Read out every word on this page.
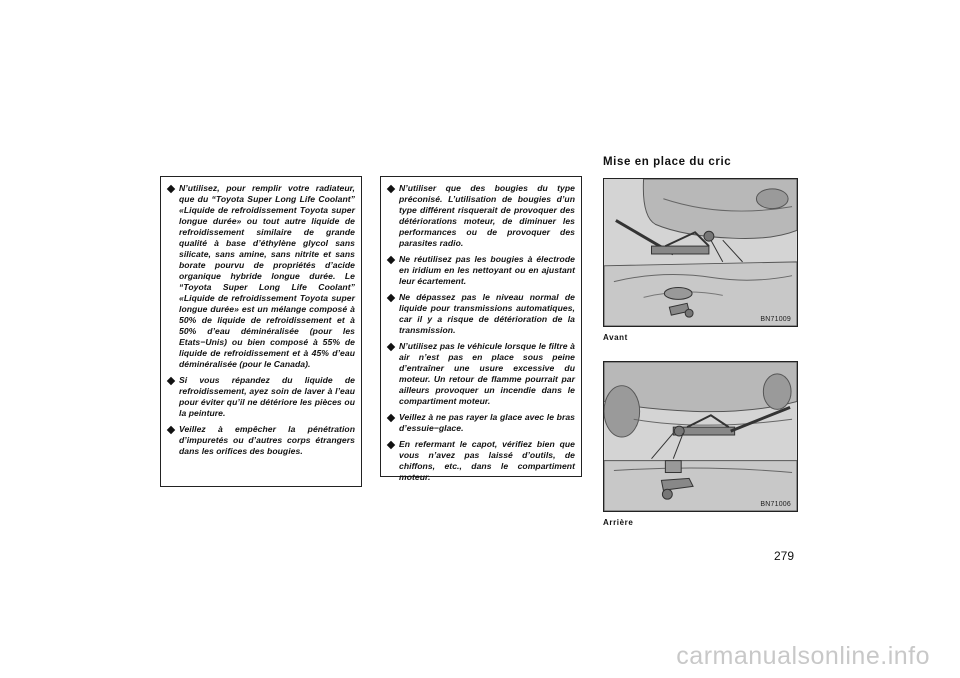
N’utilisez, pour remplir votre radiateur, que du “Toyota Super Long Life Coolant” «Liquide de refroidissement Toyota super longue durée» ou tout autre liquide de refroidissement similaire de grande qualité à base d’éthylène glycol sans silicate, sans amine, sans nitrite et sans borate pourvu de propriétés d’acide organique hybride longue durée. Le “Toyota Super Long Life Coolant” «Liquide de refroidissement Toyota super longue durée» est un mélange composé à 50% de liquide de refroidissement et à 50% d’eau déminéralisée (pour les Etats−Unis) ou bien composé à 55% de liquide de refroidissement et à 45% d’eau déminéralisée (pour le Canada).
Si vous répandez du liquide de refroidissement, ayez soin de laver à l’eau pour éviter qu’il ne détériore les pièces ou la peinture.
Veillez à empêcher la pénétration d’impuretés ou d’autres corps étrangers dans les orifices des bougies.
N’utiliser que des bougies du type préconisé. L’utilisation de bougies d’un type différent risquerait de provoquer des détériorations moteur, de diminuer les performances ou de provoquer des parasites radio.
Ne réutilisez pas les bougies à électrode en iridium en les nettoyant ou en ajustant leur écartement.
Ne dépassez pas le niveau normal de liquide pour transmissions automatiques, car il y a risque de détérioration de la transmission.
N’utilisez pas le véhicule lorsque le filtre à air n’est pas en place sous peine d’entraîner une usure excessive du moteur. Un retour de flamme pourrait par ailleurs provoquer un incendie dans le compartiment moteur.
Veillez à ne pas rayer la glace avec le bras d’essuie−glace.
En refermant le capot, vérifiez bien que vous n’avez pas laissé d’outils, de chiffons, etc., dans le compartiment moteur.
Mise en place du cric
BN71009
Avant
BN71006
Arrière
279
carmanualsonline.info
